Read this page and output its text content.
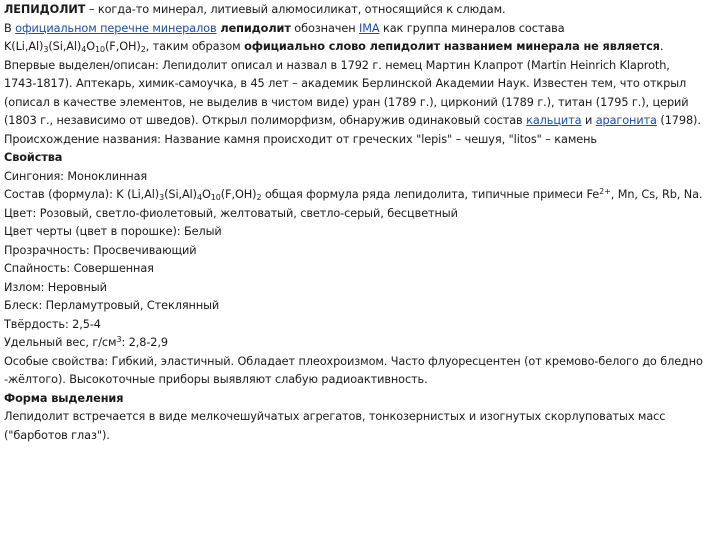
ЛЕПИДОЛИТ – когда-то минерал, литиевый алюмосиликат, относящийся к слюдам.
В официальном перечне минералов лепидолит обозначен IMA как группа минералов состава
$K(Li,Al)_3(Si,Al)_4O_{10}(F,OH)_2$, таким образом официально слово лепидолит названием минерала не является.
Впервые выделен/описан: Лепидолит описал и назвал в 1792 г. немец Мартин Клапрот (Martin Heinrich Klaproth,
1743-1817). Аптекарь, химик-самоучка, в 45 лет – академик Берлинской Академии Наук. Известен тем, что открыл
(описал в качестве элементов, не выделив в чистом виде) уран (1789 г.), цирконий (1789 г.), титан (1795 г.), церий
(1803 г., независимо от шведов). Открыл полиморфизм, обнаружив одинаковый состав кальцита и арагонита (1798).
Происхождение названия: Название камня происходит от греческих "lepis" – чешуя, "litos" – камень
Свойства
Сингония: Моноклинная
Состав (формула): K $(Li,Al)_3(Si,Al)_4O_{10}(F,OH)_2$ общая формула ряда лепидолита, типичные примеси $Fe^{2+}$, Mn, Cs, Rb, Na.
Цвет: Розовый, светло-фиолетовый, желтоватый, светло-серый, бесцветный
Цвет черты (цвет в порошке): Белый
Прозрачность: Просвечивающий
Спайность: Совершенная
Излом: Неровный
Блеск: Перламутровый, Стеклянный
Твёрдость: 2,5-4
Удельный вес, $г/см^3$: 2,8-2,9
Особые свойства: Гибкий, эластичный. Обладает плеохроизмом. Часто флуоресцентен (от кремово-белого до бледно
-жёлтого). Высокоточные приборы выявляют слабую радиоактивность.
Форма выделения
Лепидолит встречается в виде мелкочешуйчатых агрегатов, тонкозернистых и изогнутых скорлуповатых масс
("барботов глаз").
